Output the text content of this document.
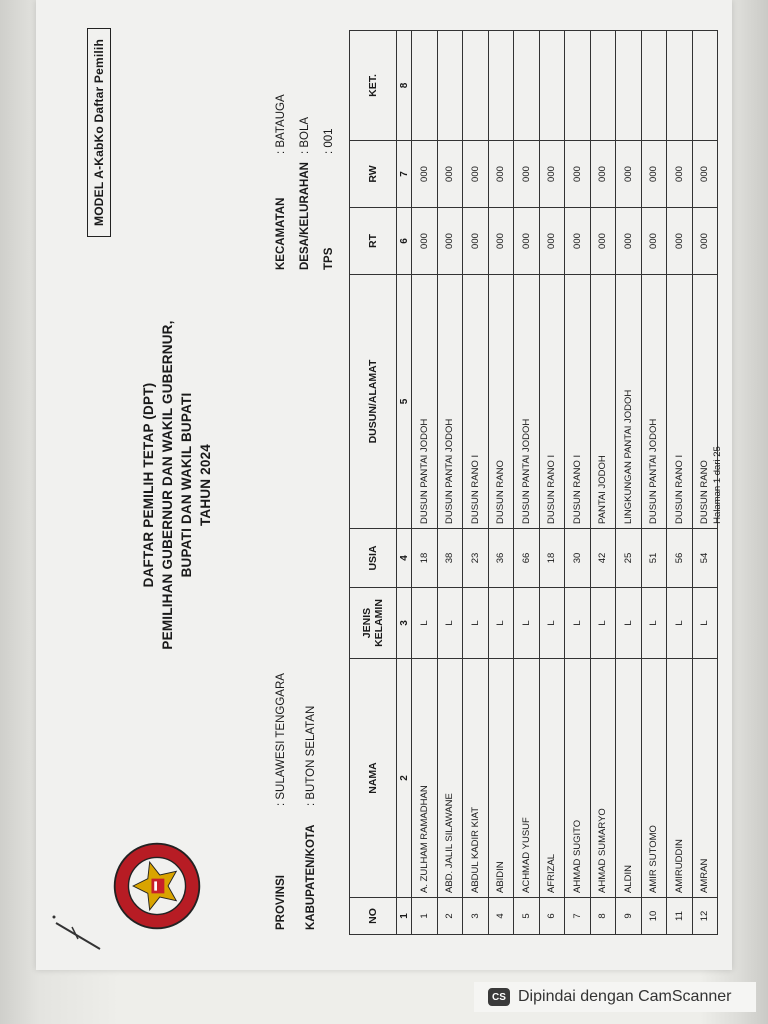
MODEL A-KabKo Daftar Pemilih
DAFTAR PEMILIH TETAP (DPT) PEMILIHAN GUBERNUR DAN WAKIL GUBERNUR, BUPATI DAN WAKIL BUPATI TAHUN 2024
PROVINSI: SULAWESI TENGGARA
KABUPATEN/KOTA: BUTON SELATAN
KECAMATAN: BATAUGA
DESA/KELURAHAN: BOLA
TPS: 001
NO	NAMA	JENIS KELAMIN	USIA	DUSUN/ALAMAT	RT	RW	KET.
1	2	3	4	5	6	7	8
1	A. ZULHAM RAMADHAN	L	18	DUSUN PANTAI JODOH	000	000	
2	ABD. JALIL SILAWANE	L	38	DUSUN PANTAI JODOH	000	000	
3	ABDUL KADIR KIAT	L	23	DUSUN RANO I	000	000	
4	ABIDIN	L	36	DUSUN RANO	000	000	
5	ACHMAD YUSUF	L	66	DUSUN PANTAI JODOH	000	000	
6	AFRIZAL	L	18	DUSUN RANO I	000	000	
7	AHMAD SUGITO	L	30	DUSUN RANO I	000	000	
8	AHMAD SUMARYO	L	42	PANTAI JODOH	000	000	
9	ALDIN	L	25	LINGKUNGAN PANTAI JODOH	000	000	
10	AMIR SUTOMO	L	51	DUSUN PANTAI JODOH	000	000	
11	AMIRUDDIN	L	56	DUSUN RANO I	000	000	
12	AMRAN	L	54	DUSUN RANO	000	000	
Halaman 1 dari 25
CS Dipindai dengan CamScanner
